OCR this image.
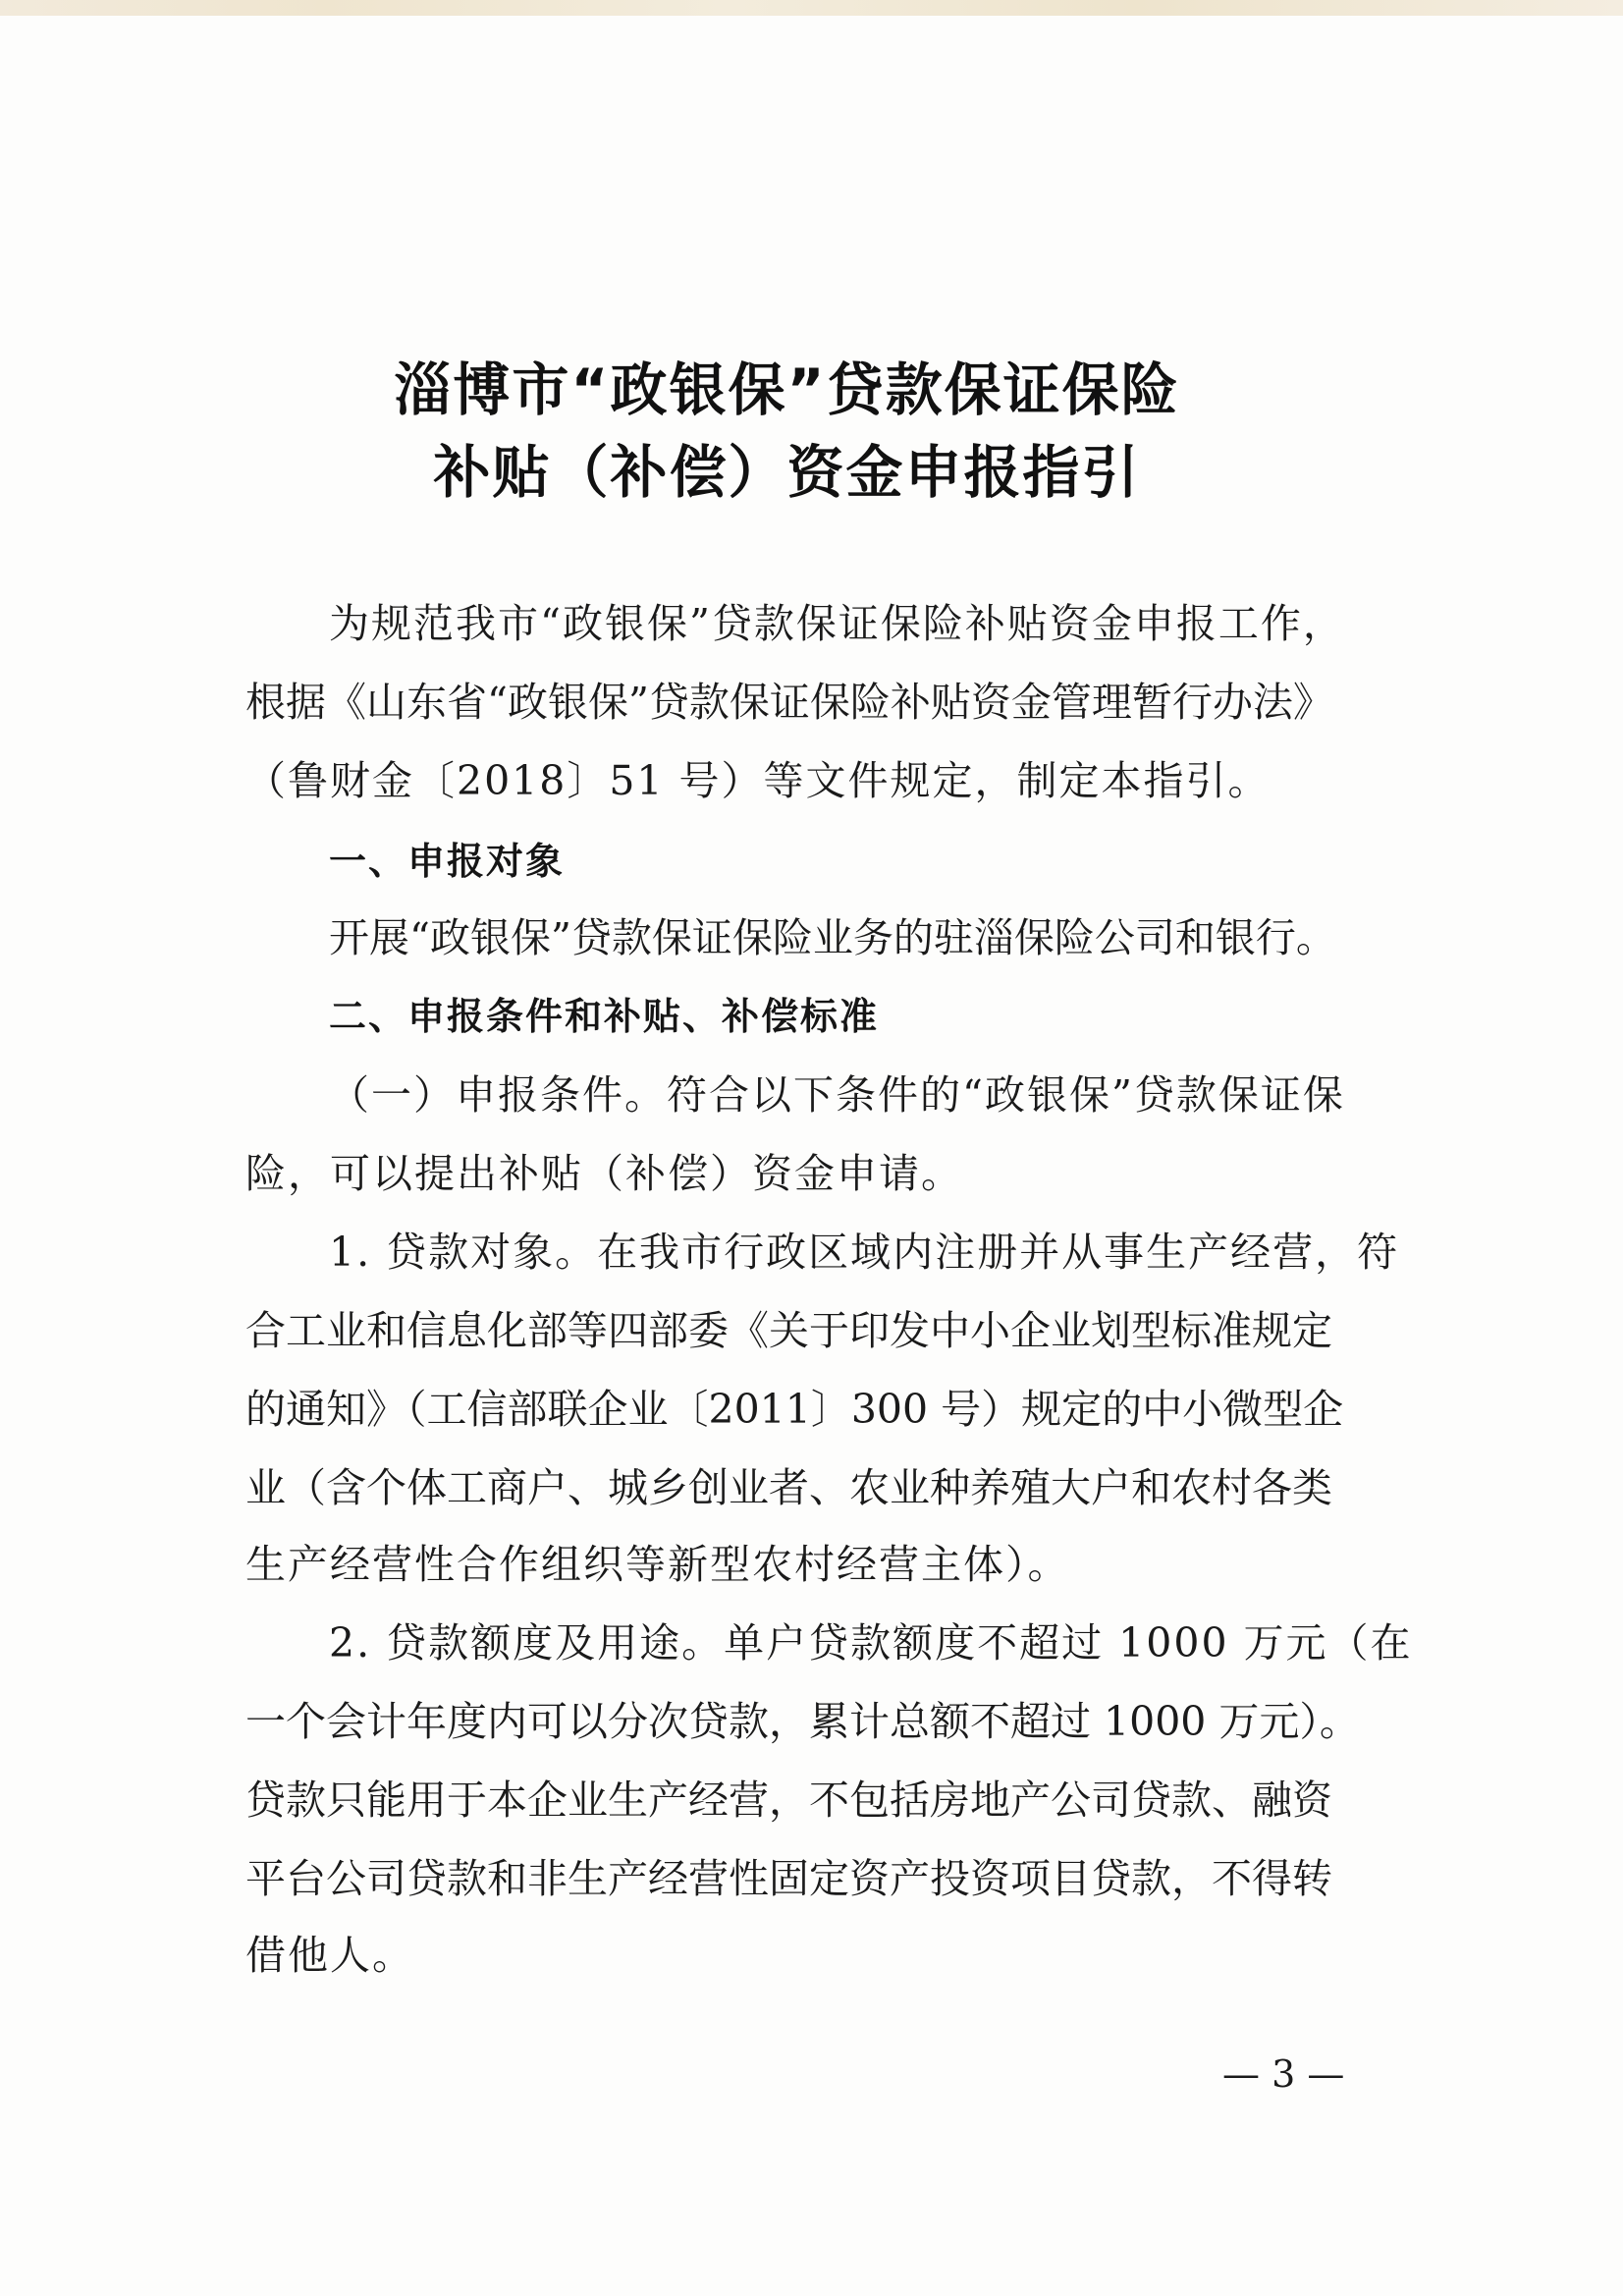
淄博市“政银保”贷款保证保险
补贴（补偿）资金申报指引
为规范我市“政银保”贷款保证保险补贴资金申报工作，
根据《山东省“政银保”贷款保证保险补贴资金管理暂行办法》
（鲁财金〔2018〕51 号）等文件规定，制定本指引。
一、申报对象
开展“政银保”贷款保证保险业务的驻淄保险公司和银行。
二、申报条件和补贴、补偿标准
（一）申报条件。符合以下条件的“政银保”贷款保证保
险，可以提出补贴（补偿）资金申请。
1. 贷款对象。在我市行政区域内注册并从事生产经营，符
合工业和信息化部等四部委《关于印发中小企业划型标准规定
的通知》（工信部联企业〔2011〕300 号）规定的中小微型企
业（含个体工商户、城乡创业者、农业种养殖大户和农村各类
生产经营性合作组织等新型农村经营主体）。
2. 贷款额度及用途。单户贷款额度不超过 1000 万元（在
一个会计年度内可以分次贷款，累计总额不超过 1000 万元）。
贷款只能用于本企业生产经营，不包括房地产公司贷款、融资
平台公司贷款和非生产经营性固定资产投资项目贷款，不得转
借他人。
— 3 —
